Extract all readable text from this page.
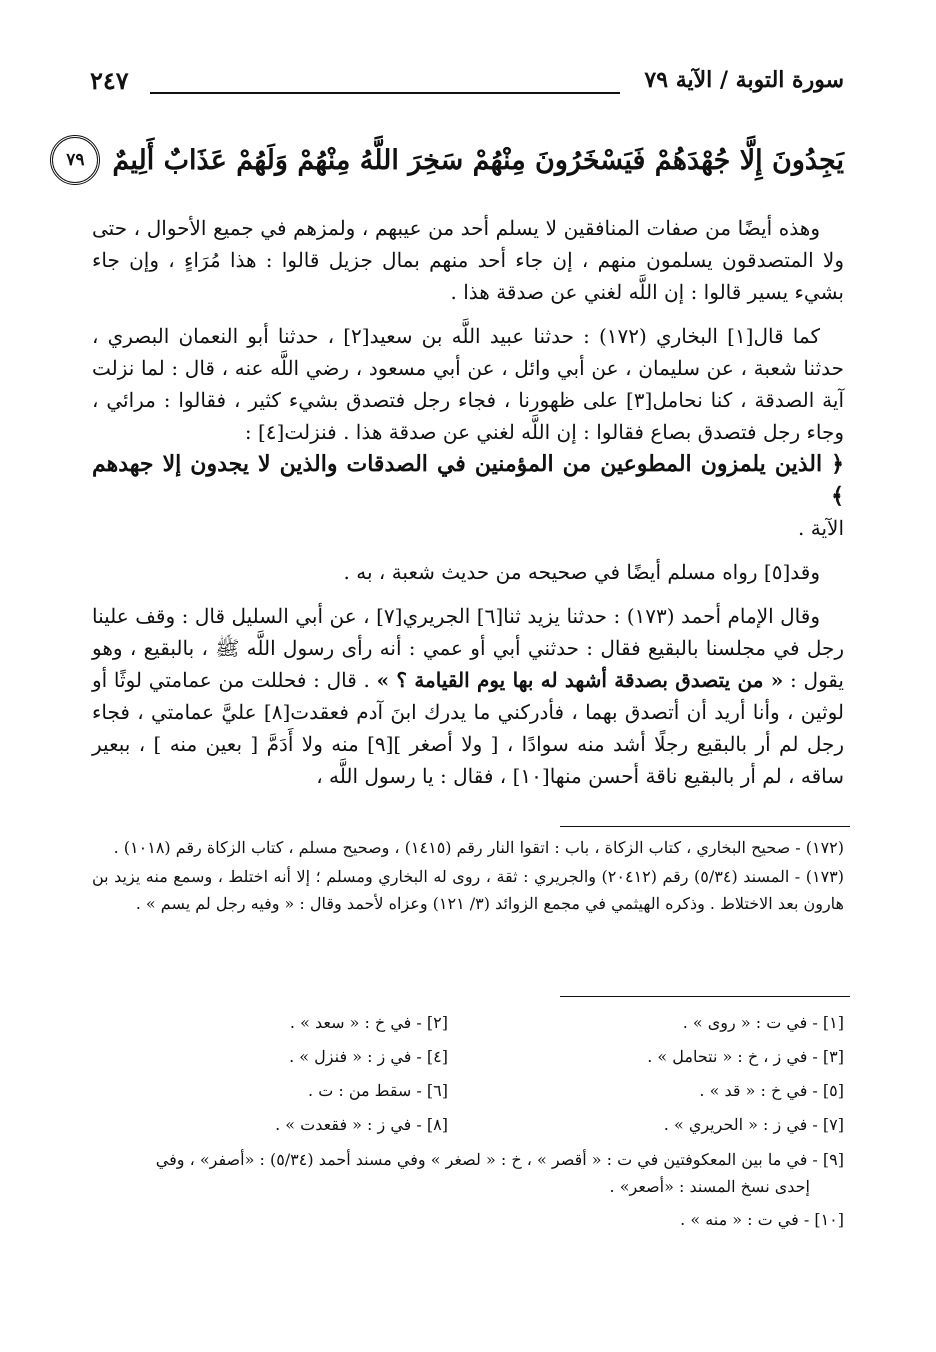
سورة التوبة / الآية ٧٩
٢٤٧
يَجِدُونَ إِلَّا جُهْدَهُمْ فَيَسْخَرُونَ مِنْهُمْ سَخِرَ اللَّهُ مِنْهُمْ وَلَهُمْ عَذَابٌ أَلِيمٌ
٧٩

وهذه أيضًا من صفات المنافقين لا يسلم أحد من عيبهم ، ولمزهم في جميع الأحوال ، حتى ولا المتصدقون يسلمون منهم ، إن جاء أحد منهم بمال جزيل قالوا : هذا مُرَاءٍ ، وإن جاء بشيء يسير قالوا : إن اللَّه لغني عن صدقة هذا .

كما قال[١] البخاري (١٧٢) : حدثنا عبيد اللَّه بن سعيد[٢] ، حدثنا أبو النعمان البصري ، حدثنا شعبة ، عن سليمان ، عن أبي وائل ، عن أبي مسعود ، رضي اللَّه عنه ، قال : لما نزلت آية الصدقة ، كنا نحامل[٣] على ظهورنا ، فجاء رجل فتصدق بشيء كثير ، فقالوا : مرائي ، وجاء رجل فتصدق بصاع فقالوا : إن اللَّه لغني عن صدقة هذا . فنزلت[٤] :

﴿ الذين يلمزون المطوعين من المؤمنين في الصدقات والذين لا يجدون إلا جهدهم ﴾

الآية .

وقد[٥] رواه مسلم أيضًا في صحيحه من حديث شعبة ، به .

وقال الإمام أحمد (١٧٣) : حدثنا يزيد ثنا[٦] الجريري[٧] ، عن أبي السليل قال : وقف علينا رجل في مجلسنا بالبقيع فقال : حدثني أبي أو عمي : أنه رأى رسول اللَّه ﷺ ، بالبقيع ، وهو يقول : « من يتصدق بصدقة أشهد له بها يوم القيامة ؟ » . قال : فحللت من عمامتي لوثًا أو لوثين ، وأنا أريد أن أتصدق بهما ، فأدركني ما يدرك ابنَ آدم فعقدت[٨] عليَّ عمامتي ، فجاء رجل لم أر بالبقيع رجلًا أشد منه سوادًا ، [ ولا أصغر ][٩] منه ولا أَدَمَّ [ بعين منه ] ، ببعير ساقه ، لم أر بالبقيع ناقة أحسن منها[١٠] ، فقال : يا رسول اللَّه ،

(١٧٢) - صحيح البخاري ، كتاب الزكاة ، باب : اتقوا النار رقم (١٤١٥) ، وصحيح مسلم ، كتاب الزكاة رقم (١٠١٨) .

(١٧٣) - المسند (٥/٣٤) رقم (٢٠٤١٢) والجريري : ثقة ، روى له البخاري ومسلم ؛ إلا أنه اختلط ، وسمع منه يزيد بن هارون بعد الاختلاط . وذكره الهيثمي في مجمع الزوائد (٣/ ١٢١) وعزاه لأحمد وقال : « وفيه رجل لم يسم » .

[١] - في ت : « روى » .
[٢] - في خ : « سعد » .
[٣] - في ز ، خ : « نتحامل » .
[٤] - في ز : « فنزل » .
[٥] - في خ : « قد » .
[٦] - سقط من : ت .
[٧] - في ز : « الحريري » .
[٨] - في ز : « فقعدت » .
[٩] - في ما بين المعكوفتين في ت : « أقصر » ، خ : « لصغر » وفي مسند أحمد (٥/٣٤) : «أصفر» ، وفي
إحدى نسخ المسند : «أصعر» .
[١٠] - في ت : « منه » .
